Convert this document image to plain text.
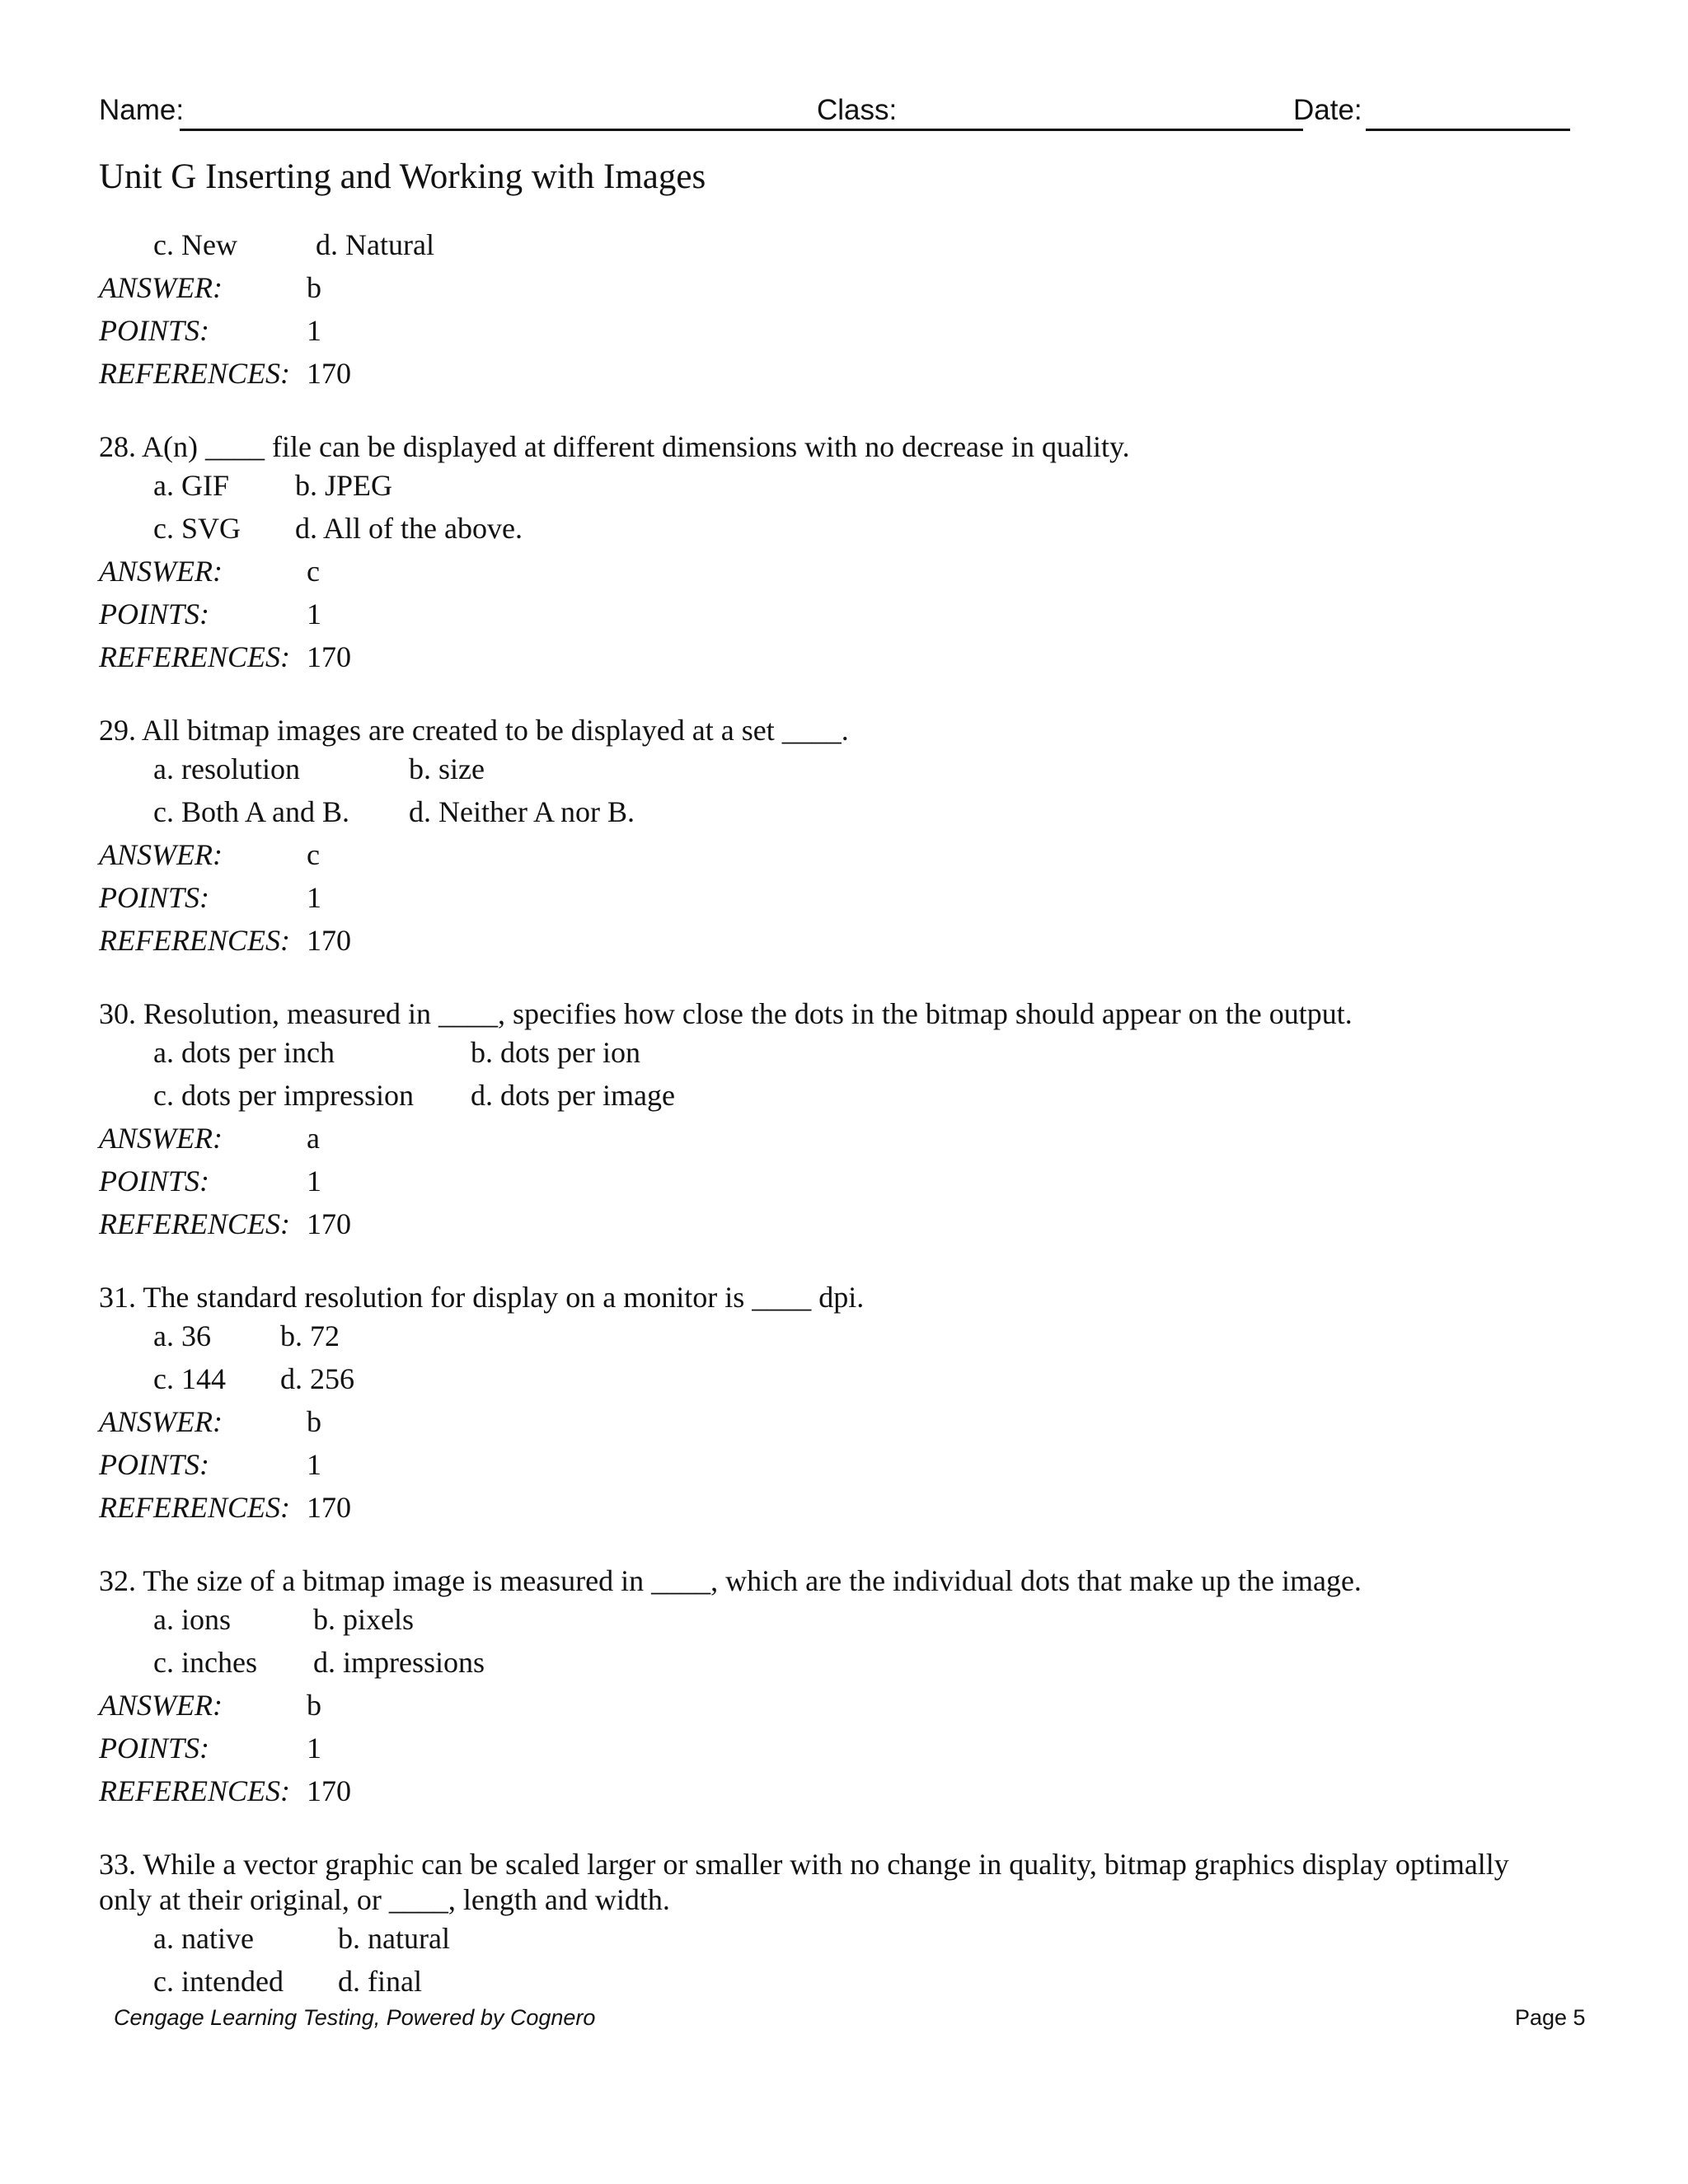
Name:	Class:	Date:
Unit G Inserting and Working with Images
c. New	d. Natural
ANSWER:	b
POINTS:	1
REFERENCES: 170
28. A(n) ____ file can be displayed at different dimensions with no decrease in quality.
a. GIF b. JPEG
c. SVG d. All of the above.
ANSWER:	c
POINTS:	1
REFERENCES: 170
29. All bitmap images are created to be displayed at a set ____.
a. resolution	b. size
c. Both A and B. d. Neither A nor B.
ANSWER:	c
POINTS:	1
REFERENCES: 170
30. Resolution, measured in ____, specifies how close the dots in the bitmap should appear on the output.
a. dots per inch	b. dots per ion
c. dots per impression d. dots per image
ANSWER:	a
POINTS:	1
REFERENCES: 170
31. The standard resolution for display on a monitor is ____ dpi.
a. 36 b. 72
c. 144 d. 256
ANSWER:	b
POINTS:	1
REFERENCES: 170
32. The size of a bitmap image is measured in ____, which are the individual dots that make up the image.
a. ions	b. pixels
c. inches d. impressions
ANSWER:	b
POINTS:	1
REFERENCES: 170
33. While a vector graphic can be scaled larger or smaller with no change in quality, bitmap graphics display optimally
only at their original, or ____, length and width.
a. native	b. natural
c. intended d. final
Cengage Learning Testing, Powered by Cognero	Page 5
